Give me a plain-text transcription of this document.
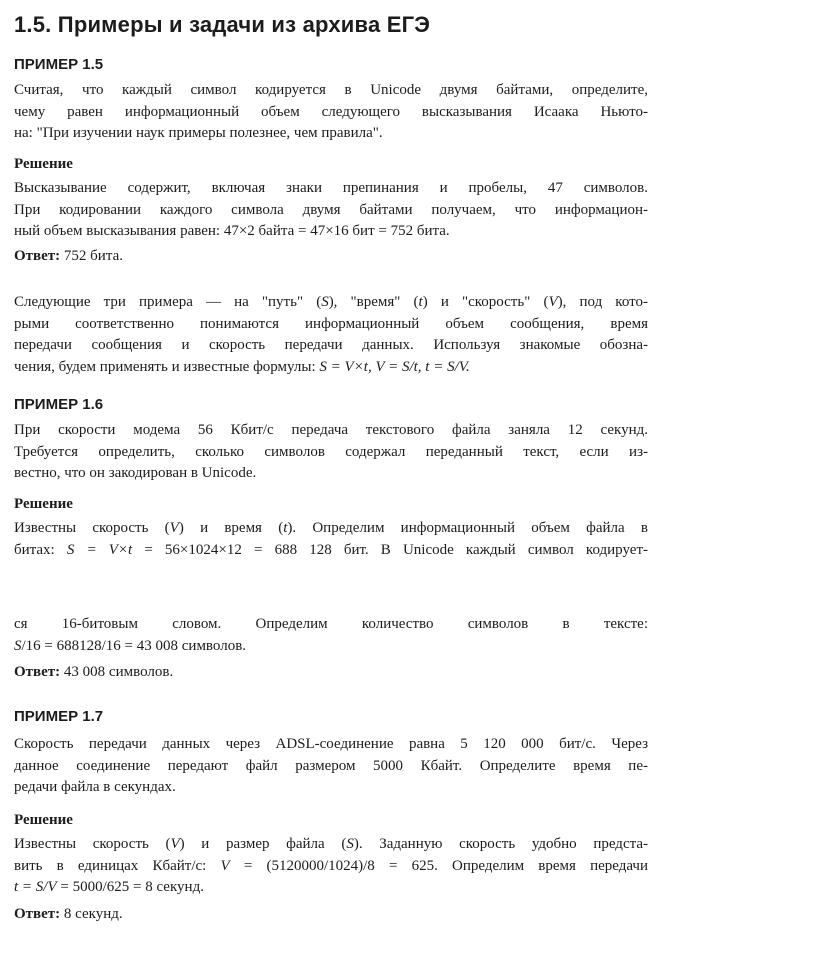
1.5. Примеры и задачи из архива ЕГЭ
ПРИМЕР 1.5
Считая, что каждый символ кодируется в Unicode двумя байтами, определите,
чему равен информационный объем следующего высказывания Исаака Ньюто-
на: "При изучении наук примеры полезнее, чем правила".
Решение
Высказывание содержит, включая знаки препинания и пробелы, 47 символов.
При кодировании каждого символа двумя байтами получаем, что информацион-
ный объем высказывания равен: 47×2 байта = 47×16 бит = 752 бита.
Ответ: 752 бита.
Следующие три примера — на "путь" (S), "время" (t) и "скорость" (V), под кото-
рыми соответственно понимаются информационный объем сообщения, время
передачи сообщения и скорость передачи данных. Используя знакомые обозна-
чения, будем применять и известные формулы: S = V×t, V = S/t, t = S/V.
ПРИМЕР 1.6
При скорости модема 56 Кбит/с передача текстового файла заняла 12 секунд.
Требуется определить, сколько символов содержал переданный текст, если из-
вестно, что он закодирован в Unicode.
Решение
Известны скорость (V) и время (t). Определим информационный объем файла в
битах: S = V×t = 56×1024×12 = 688 128 бит. В Unicode каждый символ кодирует-
ся 16-битовым словом. Определим количество символов в тексте:
S/16 = 688128/16 = 43 008 символов.
Ответ: 43 008 символов.
ПРИМЕР 1.7
Скорость передачи данных через ADSL-соединение равна 5 120 000 бит/с. Через
данное соединение передают файл размером 5000 Кбайт. Определите время пе-
редачи файла в секундах.
Решение
Известны скорость (V) и размер файла (S). Заданную скорость удобно предста-
вить в единицах Кбайт/с: V = (5120000/1024)/8 = 625. Определим время передачи
t = S/V = 5000/625 = 8 секунд.
Ответ: 8 секунд.
